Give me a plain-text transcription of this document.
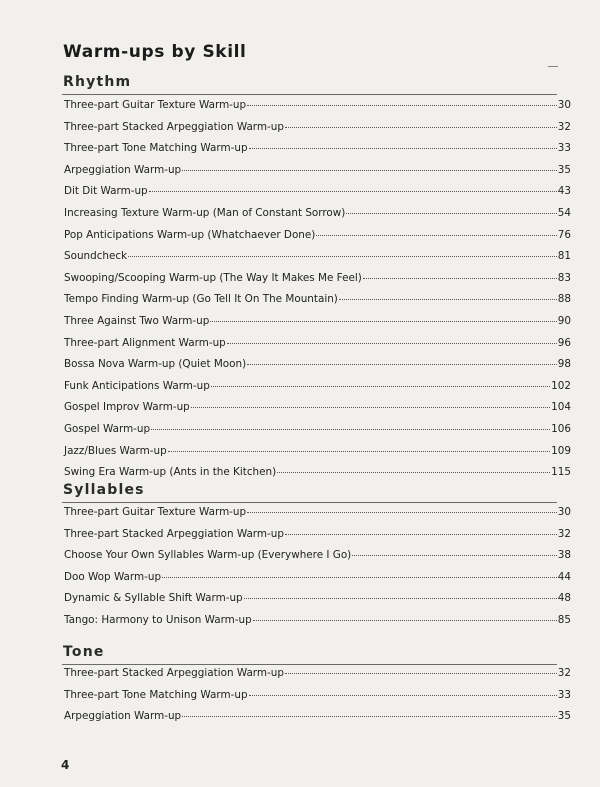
Warm-ups by Skill
Rhythm
Three-part Guitar Texture Warm-up	30
Three-part Stacked Arpeggiation Warm-up	32
Three-part Tone Matching Warm-up	33
Arpeggiation Warm-up	35
Dit Dit Warm-up	43
Increasing Texture Warm-up (Man of Constant Sorrow)	54
Pop Anticipations Warm-up (Whatchaever Done)	76
Soundcheck	81
Swooping/Scooping Warm-up (The Way It Makes Me Feel)	83
Tempo Finding Warm-up (Go Tell It On The Mountain)	88
Three Against Two Warm-up	90
Three-part Alignment Warm-up	96
Bossa Nova Warm-up (Quiet Moon)	98
Funk Anticipations Warm-up	102
Gospel Improv Warm-up	104
Gospel Warm-up	106
Jazz/Blues Warm-up	109
Swing Era Warm-up (Ants in the Kitchen)	115
Syllables
Three-part Guitar Texture Warm-up	30
Three-part Stacked Arpeggiation Warm-up	32
Choose Your Own Syllables Warm-up (Everywhere I Go)	38
Doo Wop Warm-up	44
Dynamic & Syllable Shift Warm-up	48
Tango: Harmony to Unison Warm-up	85
Tone
Three-part Stacked Arpeggiation Warm-up	32
Three-part Tone Matching Warm-up	33
Arpeggiation Warm-up	35
4
